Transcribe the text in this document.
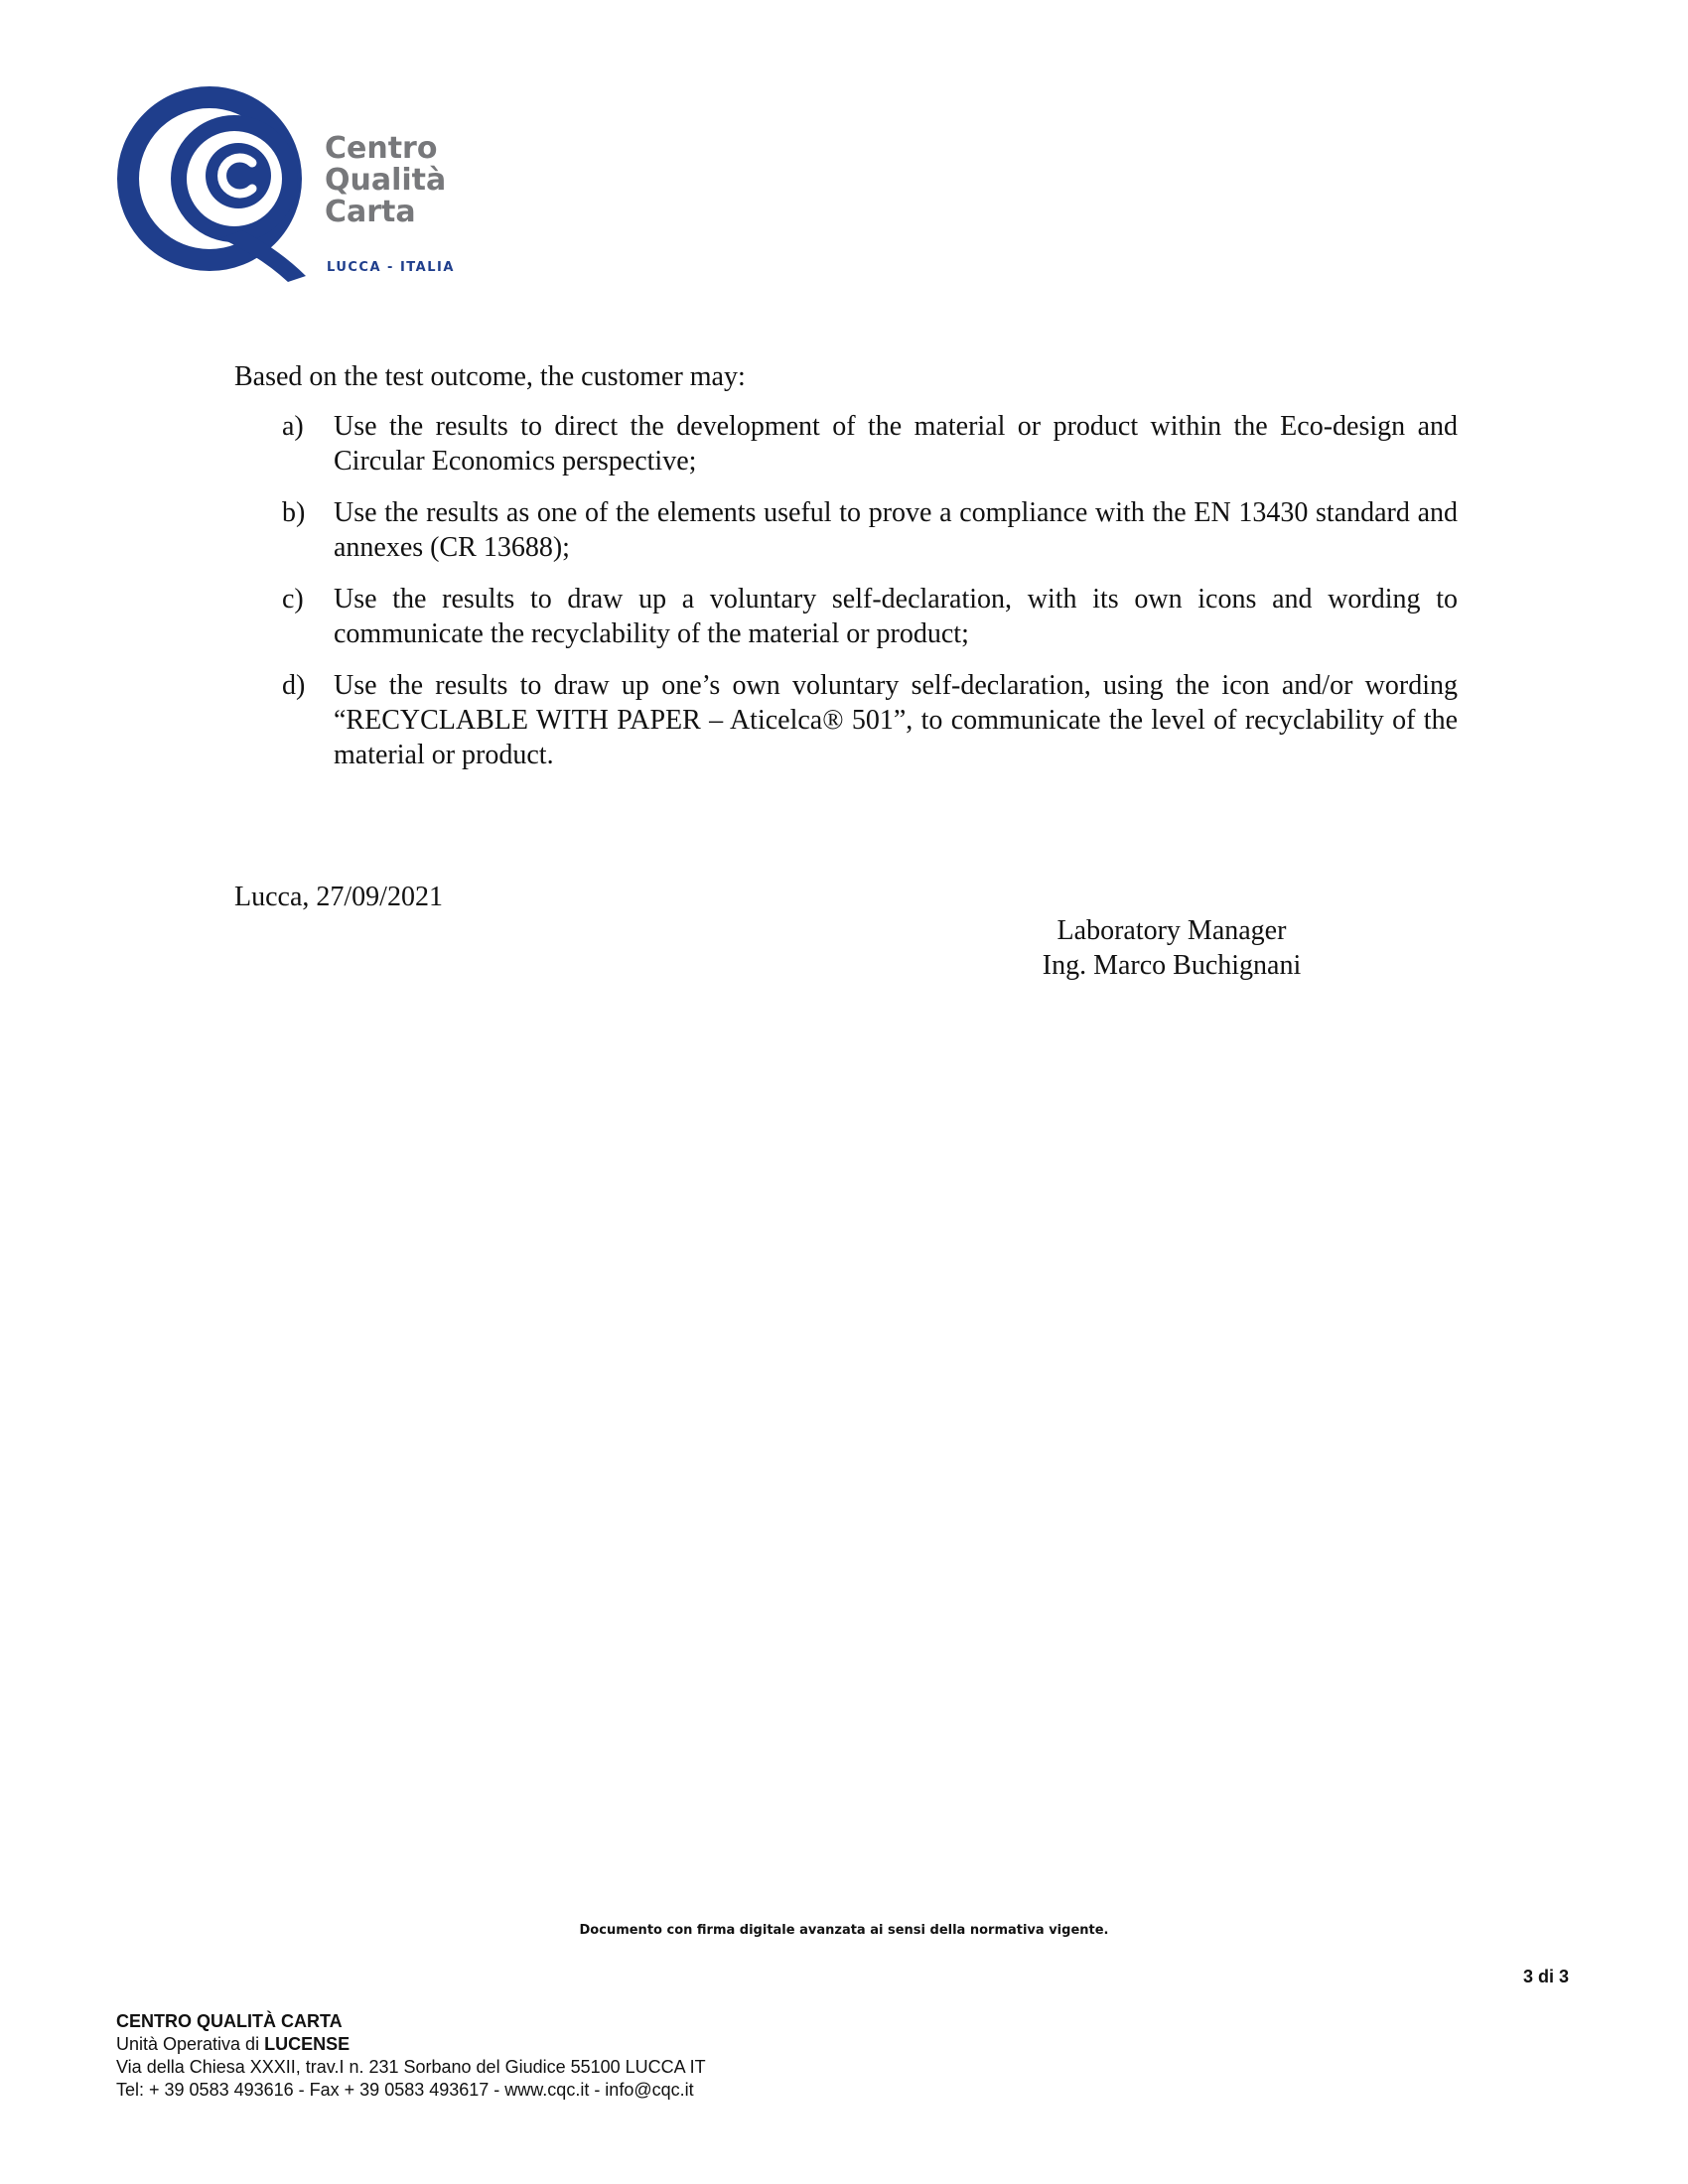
Centro
Qualità
Carta
LUCCA - ITALIA
Based on the test outcome, the customer may:
a) Use the results to direct the development of the material or product within the Eco-design and Circular Economics perspective;
b) Use the results as one of the elements useful to prove a compliance with the EN 13430 standard and annexes (CR 13688);
c) Use the results to draw up a voluntary self-declaration, with its own icons and wording to communicate the recyclability of the material or product;
d) Use the results to draw up one’s own voluntary self-declaration, using the icon and/or wording “RECYCLABLE WITH PAPER – Aticelca® 501”, to communicate the level of recyclability of the material or product.
Lucca, 27/09/2021
Laboratory Manager
Ing. Marco Buchignani
Documento con firma digitale avanzata ai sensi della normativa vigente.
3 di 3
CENTRO QUALITÀ CARTA
Unità Operativa di LUCENSE
Via della Chiesa XXXII, trav.I n. 231 Sorbano del Giudice 55100 LUCCA IT
Tel: + 39 0583 493616 - Fax + 39 0583 493617 - www.cqc.it - info@cqc.it
